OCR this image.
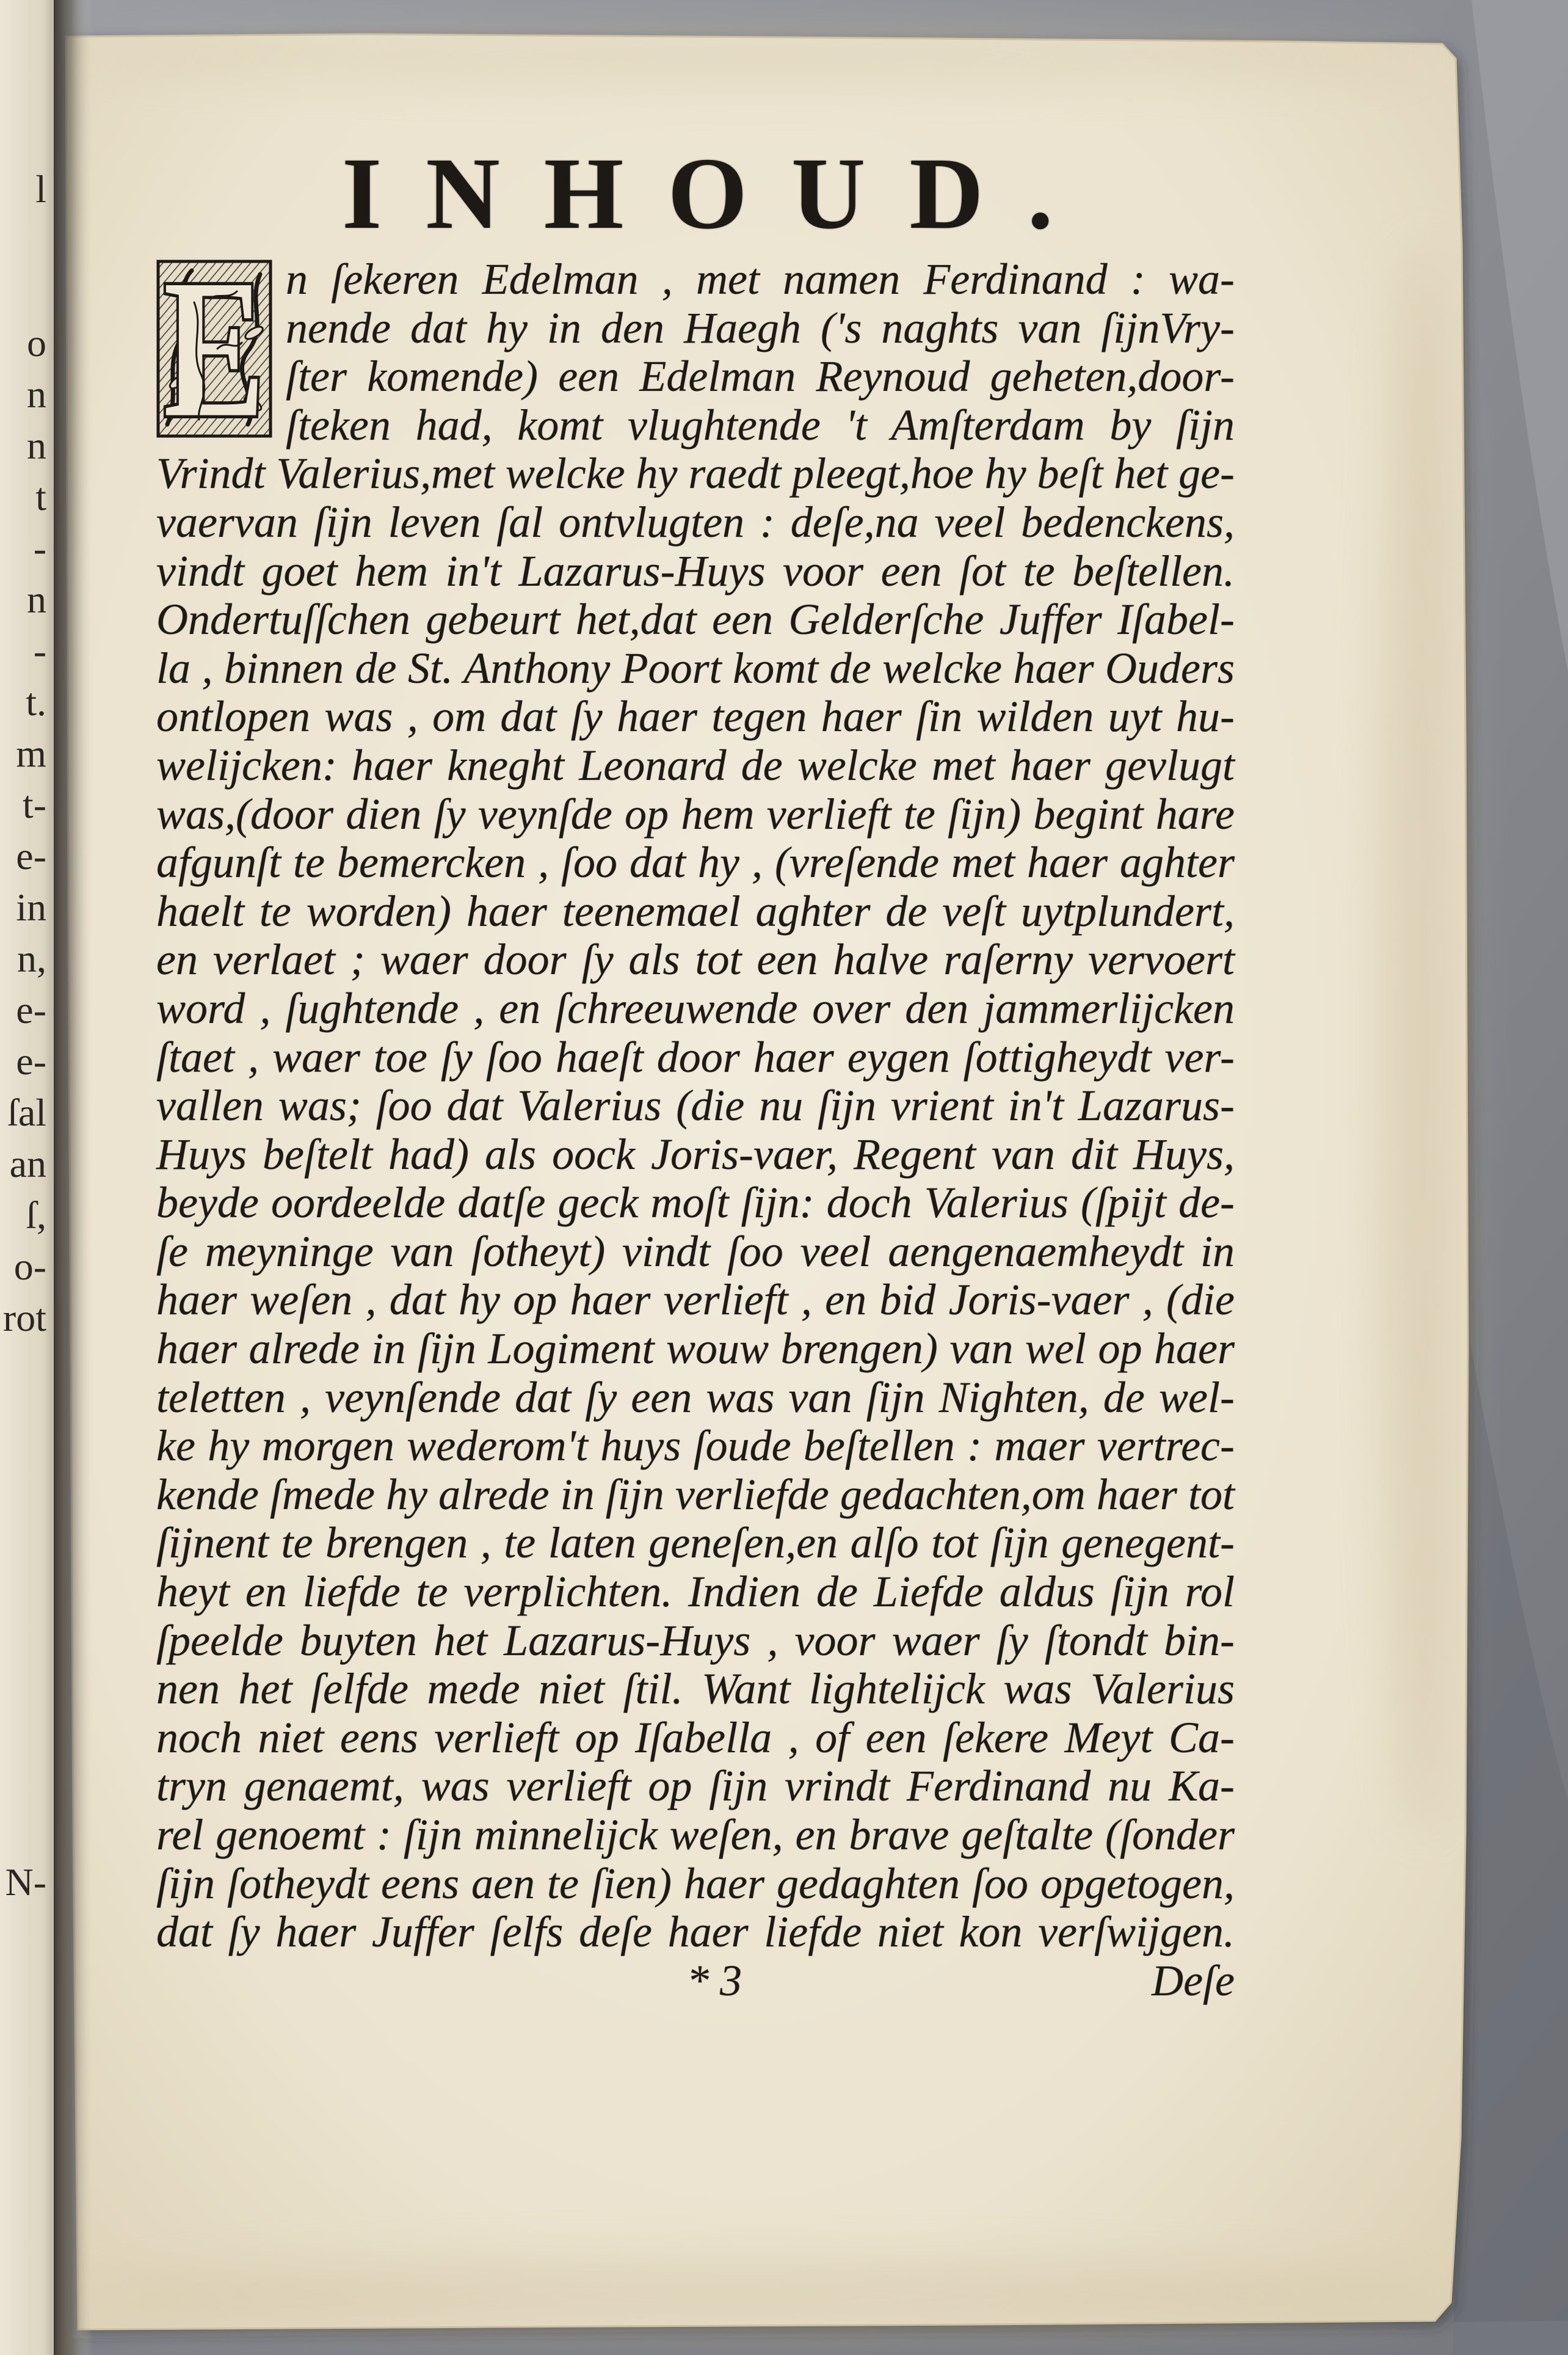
l
o
n
n
t
-
n
-
t.
m
t-
e-
in
n,
e-
e-
ſal
an
ſ,
o-
rot
N-
INHOUD.
E n ſekeren Edelman , met namen Ferdinand : wa-
nende dat hy in den Haegh ('s naghts van ſijnVry-
ſter komende) een Edelman Reynoud geheten,door-
ſteken had, komt vlughtende 't Amſterdam by ſijn
Vrindt Valerius,met welcke hy raedt pleegt,hoe hy beſt het ge-
vaervan ſijn leven ſal ontvlugten : deſe,na veel bedenckens,
vindt goet hem in't Lazarus-Huys voor een ſot te beſtellen.
Ondertuſſchen gebeurt het,dat een Gelderſche Juffer Iſabel-
la , binnen de St. Anthony Poort komt de welcke haer Ouders
ontlopen was , om dat ſy haer tegen haer ſin wilden uyt hu-
welijcken: haer kneght Leonard de welcke met haer gevlugt
was,(door dien ſy veynſde op hem verlieft te ſijn) begint hare
afgunſt te bemercken , ſoo dat hy , (vreſende met haer aghter
haelt te worden) haer teenemael aghter de veſt uytplundert,
en verlaet ; waer door ſy als tot een halve raſerny vervoert
word , ſughtende , en ſchreeuwende over den jammerlijcken
ſtaet , waer toe ſy ſoo haeſt door haer eygen ſottigheydt ver-
vallen was; ſoo dat Valerius (die nu ſijn vrient in't Lazarus-
Huys beſtelt had) als oock Joris-vaer, Regent van dit Huys,
beyde oordeelde datſe geck moſt ſijn: doch Valerius (ſpijt de-
ſe meyninge van ſotheyt) vindt ſoo veel aengenaemheydt in
haer weſen , dat hy op haer verlieft , en bid Joris-vaer , (die
haer alrede in ſijn Logiment wouw brengen) van wel op haer
teletten , veynſende dat ſy een was van ſijn Nighten, de wel-
ke hy morgen wederom't huys ſoude beſtellen : maer vertrec-
kende ſmede hy alrede in ſijn verliefde gedachten,om haer tot
ſijnent te brengen , te laten geneſen,en alſo tot ſijn genegent-
heyt en liefde te verplichten. Indien de Liefde aldus ſijn rol
ſpeelde buyten het Lazarus-Huys , voor waer ſy ſtondt bin-
nen het ſelfde mede niet ſtil. Want lightelijck was Valerius
noch niet eens verlieft op Iſabella , of een ſekere Meyt Ca-
tryn genaemt, was verlieft op ſijn vrindt Ferdinand nu Ka-
rel genoemt : ſijn minnelijck weſen, en brave geſtalte (ſonder
ſijn ſotheydt eens aen te ſien) haer gedaghten ſoo opgetogen,
dat ſy haer Juffer ſelfs deſe haer liefde niet kon verſwijgen.
* 3	Deſe
